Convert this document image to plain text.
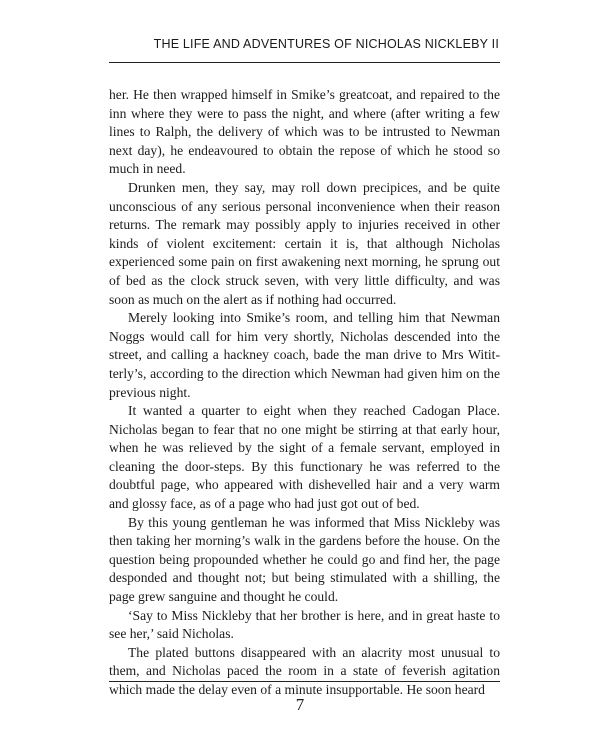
THE LIFE AND ADVENTURES OF NICHOLAS NICKLEBY II

her. He then wrapped himself in Smike’s greatcoat, and repaired to the inn where they were to pass the night, and where (after writing a few lines to Ralph, the delivery of which was to be intrusted to Newman next day), he endeavoured to obtain the repose of which he stood so much in need.

Drunken men, they say, may roll down precipices, and be quite unconscious of any serious personal inconvenience when their reason returns. The remark may possibly apply to injuries received in other kinds of violent excitement: certain it is, that although Nicholas experienced some pain on first awakening next morning, he sprung out of bed as the clock struck seven, with very little difficulty, and was soon as much on the alert as if nothing had occurred.

Merely looking into Smike’s room, and telling him that Newman Noggs would call for him very shortly, Nicholas descended into the street, and calling a hackney coach, bade the man drive to Mrs Wititterly’s, according to the direction which Newman had given him on the previous night.

It wanted a quarter to eight when they reached Cadogan Place. Nicholas began to fear that no one might be stirring at that early hour, when he was relieved by the sight of a female servant, employed in cleaning the door-steps. By this functionary he was referred to the doubtful page, who appeared with dishevelled hair and a very warm and glossy face, as of a page who had just got out of bed.

By this young gentleman he was informed that Miss Nickleby was then taking her morning’s walk in the gardens before the house. On the question being propounded whether he could go and find her, the page desponded and thought not; but being stimulated with a shilling, the page grew sanguine and thought he could.

‘Say to Miss Nickleby that her brother is here, and in great haste to see her,’ said Nicholas.

The plated buttons disappeared with an alacrity most unusual to them, and Nicholas paced the room in a state of feverish agitation which made the delay even of a minute insupportable. He soon heard

7
